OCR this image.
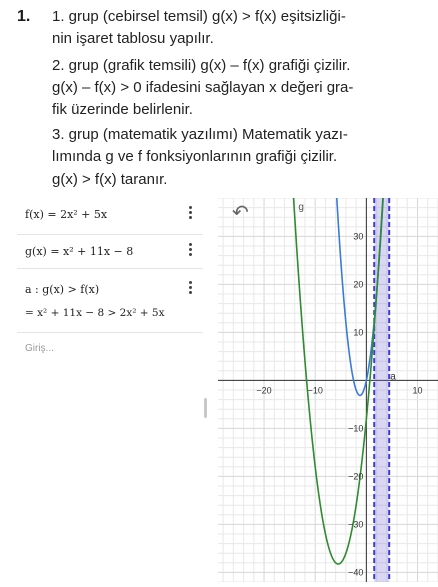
1. 1. grup (cebirsel temsil) g(x) > f(x) eşitsizliği-
nin işaret tablosu yapılır.
2. grup (grafik temsili) g(x) – f(x) grafiği çizilir.
g(x) – f(x) > 0 ifadesini sağlayan x değeri gra-
fik üzerinde belirlenir.
3. grup (matematik yazılımı) Matematik yazı-
lımında g ve f fonksiyonlarının grafiği çizilir.
g(x) > f(x) taranır.
f(x) = 2x² + 5x
g(x) = x² + 11x − 8
a : g(x) > f(x)
= x² + 11x − 8 > 2x² + 5x
Giriş...
−20	−10	10
30
20
10
−10
−20
−30
−40
g
a
↶
